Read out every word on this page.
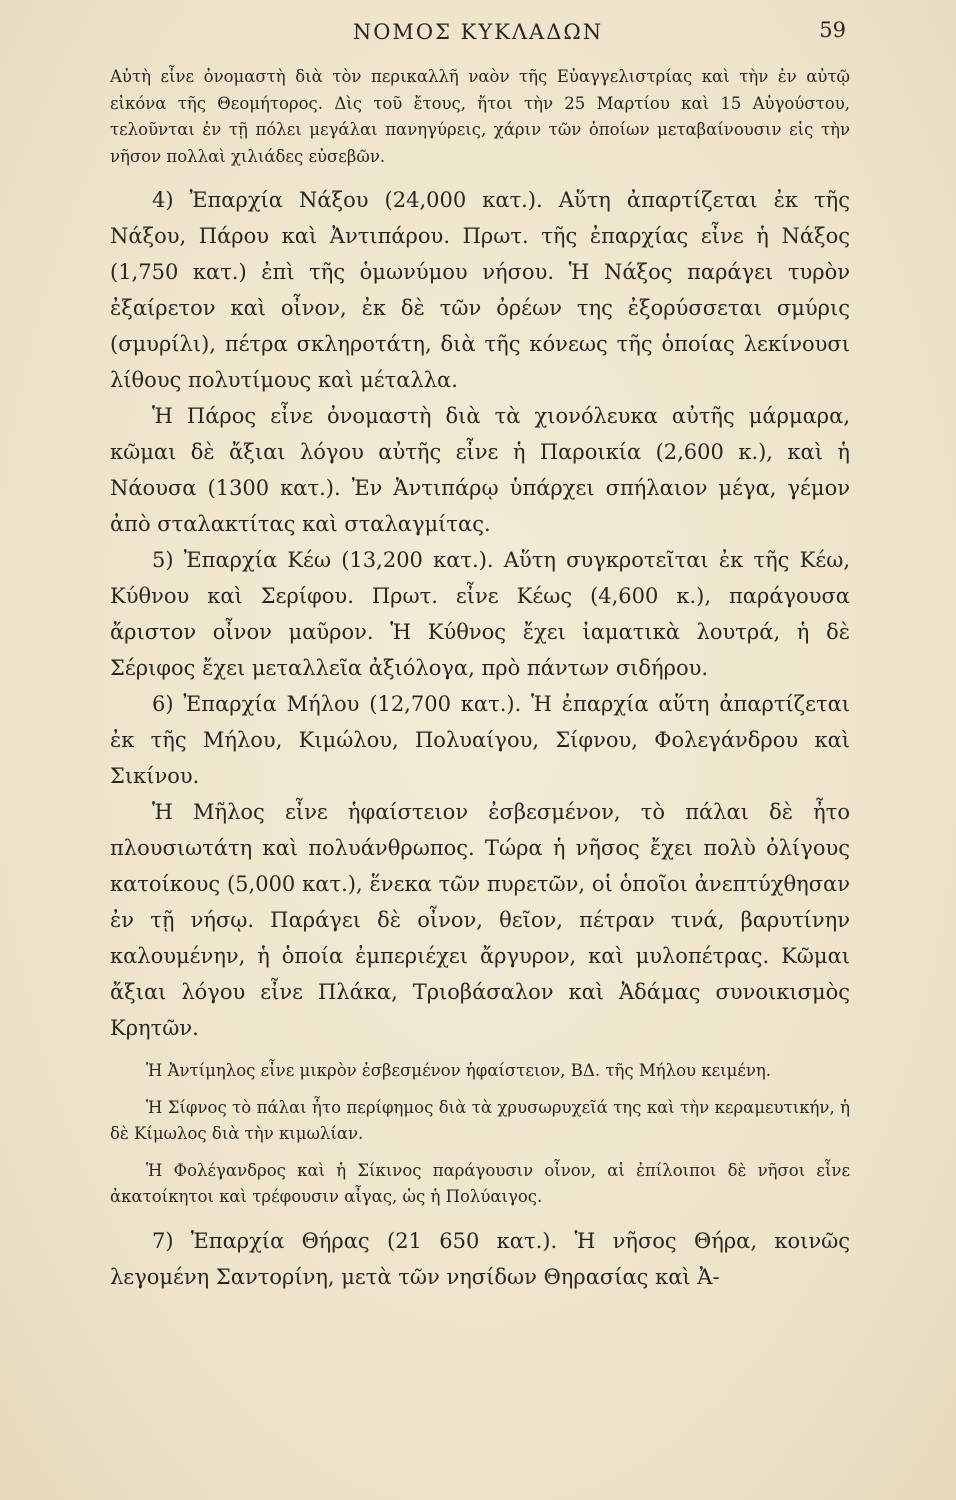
ΝΟΜΟΣ ΚΥΚΛΑΔΩΝ	59

Αὐτὴ εἶνε ὀνομαστὴ διὰ τὸν περικαλλῆ ναὸν τῆς Εὐαγγελιστρίας καὶ τὴν ἐν αὐτῷ εἰκόνα τῆς Θεομήτορος. Δὶς τοῦ ἔτους, ἤτοι τὴν 25 Μαρτίου καὶ 15 Αὐγούστου, τελοῦνται ἐν τῇ πόλει μεγάλαι πανηγύρεις, χάριν τῶν ὁποίων μεταβαίνουσιν εἰς τὴν νῆσον πολλαὶ χιλιάδες εὐσεβῶν.

4) Ἐπαρχία Νάξου (24,000 κατ.). Αὕτη ἀπαρτίζεται ἐκ τῆς Νάξου, Πάρου καὶ Ἀντιπάρου. Πρωτ. τῆς ἐπαρχίας εἶνε ἡ Νάξος (1,750 κατ.) ἐπὶ τῆς ὁμωνύμου νήσου. Ἡ Νάξος παράγει τυρὸν ἐξαίρετον καὶ οἶνον, ἐκ δὲ τῶν ὀρέων της ἐξορύσσεται σμύρις (σμυρίλι), πέτρα σκληροτάτη, διὰ τῆς κόνεως τῆς ὁποίας λεκίνουσι λίθους πολυτίμους καὶ μέταλλα.

Ἡ Πάρος εἶνε ὀνομαστὴ διὰ τὰ χιονόλευκα αὐτῆς μάρμαρα, κῶμαι δὲ ἄξιαι λόγου αὐτῆς εἶνε ἡ Παροικία (2,600 κ.), καὶ ἡ Νάουσα (1300 κατ.). Ἐν Ἀντιπάρῳ ὑπάρχει σπήλαιον μέγα, γέμον ἀπὸ σταλακτίτας καὶ σταλαγμίτας.

5) Ἐπαρχία Κέω (13,200 κατ.). Αὕτη συγκροτεῖται ἐκ τῆς Κέω, Κύθνου καὶ Σερίφου. Πρωτ. εἶνε Κέως (4,600 κ.), παράγουσα ἄριστον οἶνον μαῦρον. Ἡ Κύθνος ἔχει ἰαματικὰ λουτρά, ἡ δὲ Σέριφος ἔχει μεταλλεῖα ἀξιόλογα, πρὸ πάντων σιδήρου.

6) Ἐπαρχία Μήλου (12,700 κατ.). Ἡ ἐπαρχία αὕτη ἀπαρτίζεται ἐκ τῆς Μήλου, Κιμώλου, Πολυαίγου, Σίφνου, Φολεγάνδρου καὶ Σικίνου.

Ἡ Μῆλος εἶνε ἡφαίστειον ἐσβεσμένον, τὸ πάλαι δὲ ἦτο πλουσιωτάτη καὶ πολυάνθρωπος. Τώρα ἡ νῆσος ἔχει πολὺ ὀλίγους κατοίκους (5,000 κατ.), ἕνεκα τῶν πυρετῶν, οἱ ὁποῖοι ἀνεπτύχθησαν ἐν τῇ νήσῳ. Παράγει δὲ οἶνον, θεῖον, πέτραν τινά, βαρυτίνην καλουμένην, ἡ ὁποία ἐμπεριέχει ἄργυρον, καὶ μυλοπέτρας. Κῶμαι ἄξιαι λόγου εἶνε Πλάκα, Τριοβάσαλον καὶ Ἀδάμας συνοικισμὸς Κρητῶν.

Ἡ Ἀντίμηλος εἶνε μικρὸν ἐσβεσμένον ἡφαίστειον, ΒΔ. τῆς Μήλου κειμένη.

Ἡ Σίφνος τὸ πάλαι ἦτο περίφημος διὰ τὰ χρυσωρυχεῖά της καὶ τὴν κεραμευτικήν, ἡ δὲ Κίμωλος διὰ τὴν κιμωλίαν.

Ἡ Φολέγανδρος καὶ ἡ Σίκινος παράγουσιν οἶνον, αἱ ἐπίλοιποι δὲ νῆσοι εἶνε ἀκατοίκητοι καὶ τρέφουσιν αἶγας, ὡς ἡ Πολύαιγος.

7) Ἐπαρχία Θήρας (21 650 κατ.). Ἡ νῆσος Θήρα, κοινῶς λεγομένη Σαντορίνη, μετὰ τῶν νησίδων Θηρασίας καὶ Ἀ-
